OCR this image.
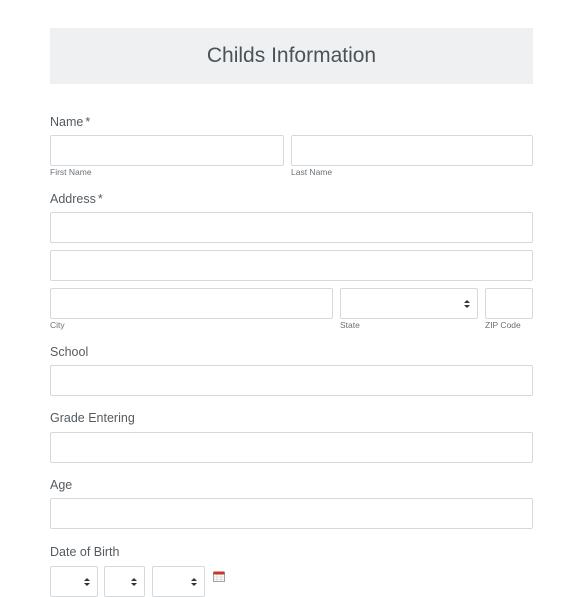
Childs Information
Name *
First Name	Last Name
Address *
City	State	ZIP Code
School
Grade Entering
Age
Date of Birth
